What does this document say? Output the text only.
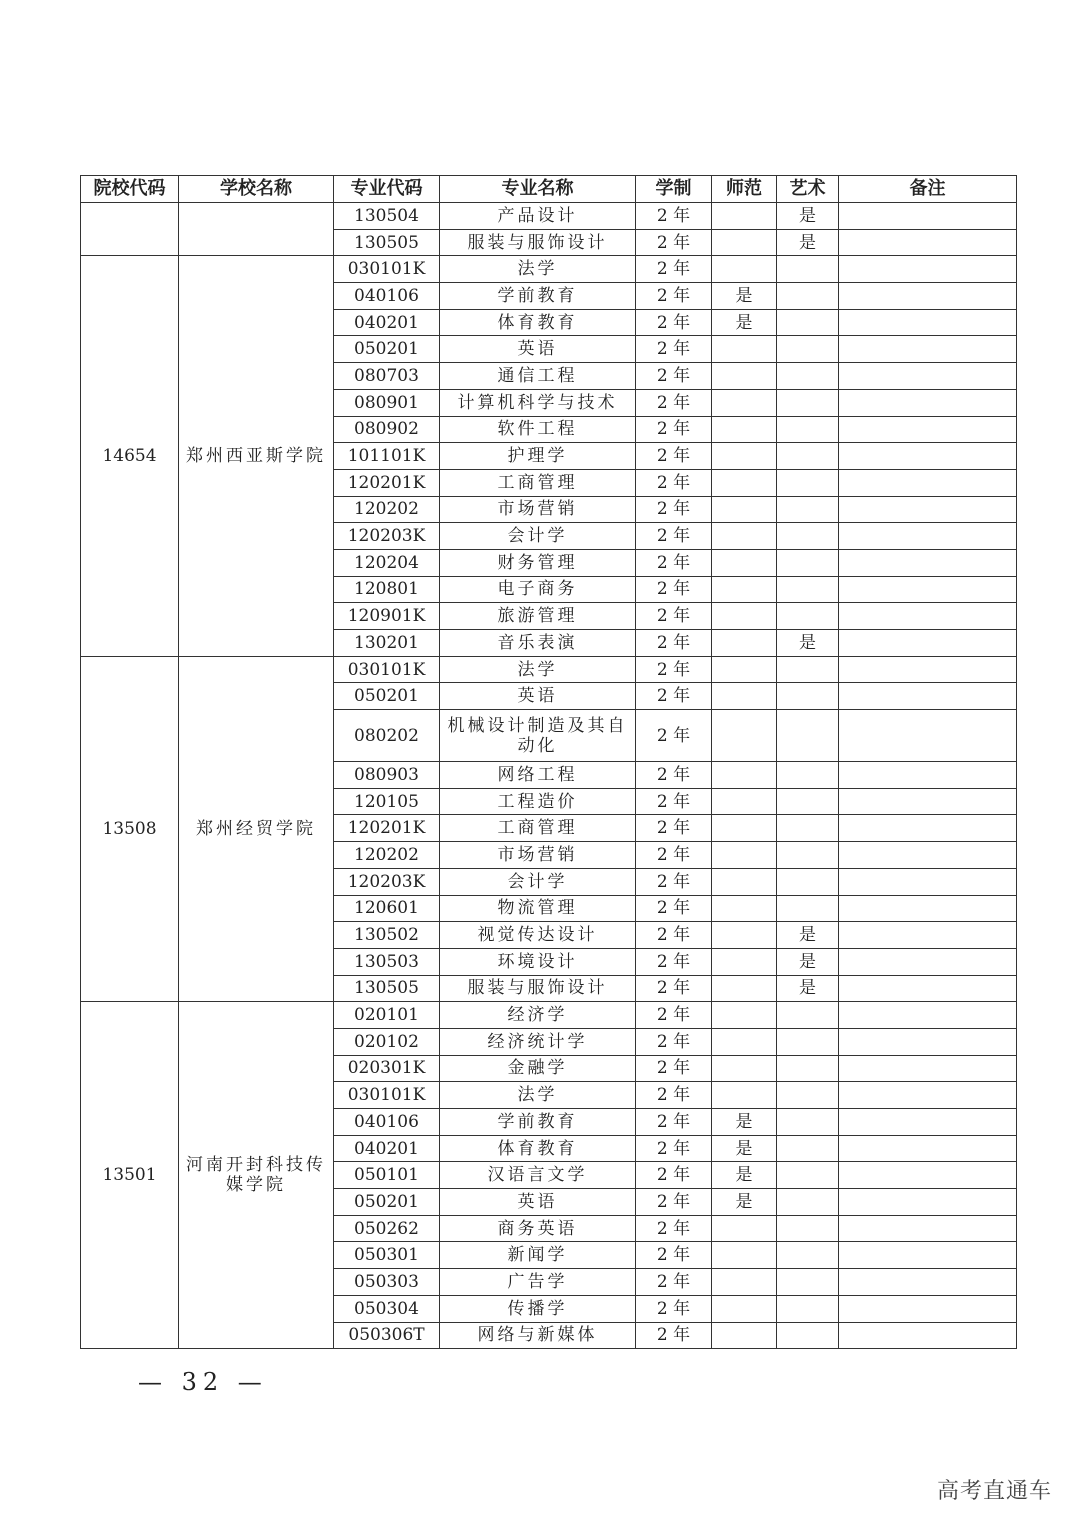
院校代码	学校名称	专业代码	专业名称	学制	师范	艺术	备注
		130504	产品设计	2 年		是	
		130505	服装与服饰设计	2 年		是	
14654	郑州西亚斯学院	030101K	法学	2 年			
		040106	学前教育	2 年	是		
		040201	体育教育	2 年	是		
		050201	英语	2 年			
		080703	通信工程	2 年			
		080901	计算机科学与技术	2 年			
		080902	软件工程	2 年			
		101101K	护理学	2 年			
		120201K	工商管理	2 年			
		120202	市场营销	2 年			
		120203K	会计学	2 年			
		120204	财务管理	2 年			
		120801	电子商务	2 年			
		120901K	旅游管理	2 年			
		130201	音乐表演	2 年		是	
13508	郑州经贸学院	030101K	法学	2 年			
		050201	英语	2 年			
		080202	机械设计制造及其自动化	2 年			
		080903	网络工程	2 年			
		120105	工程造价	2 年			
		120201K	工商管理	2 年			
		120202	市场营销	2 年			
		120203K	会计学	2 年			
		120601	物流管理	2 年			
		130502	视觉传达设计	2 年		是	
		130503	环境设计	2 年		是	
		130505	服装与服饰设计	2 年		是	
13501	河南开封科技传媒学院	020101	经济学	2 年			
		020102	经济统计学	2 年			
		020301K	金融学	2 年			
		030101K	法学	2 年			
		040106	学前教育	2 年	是		
		040201	体育教育	2 年	是		
		050101	汉语言文学	2 年	是		
		050201	英语	2 年	是		
		050262	商务英语	2 年			
		050301	新闻学	2 年			
		050303	广告学	2 年			
		050304	传播学	2 年			
		050306T	网络与新媒体	2 年			
— 32 —
高考直通车
